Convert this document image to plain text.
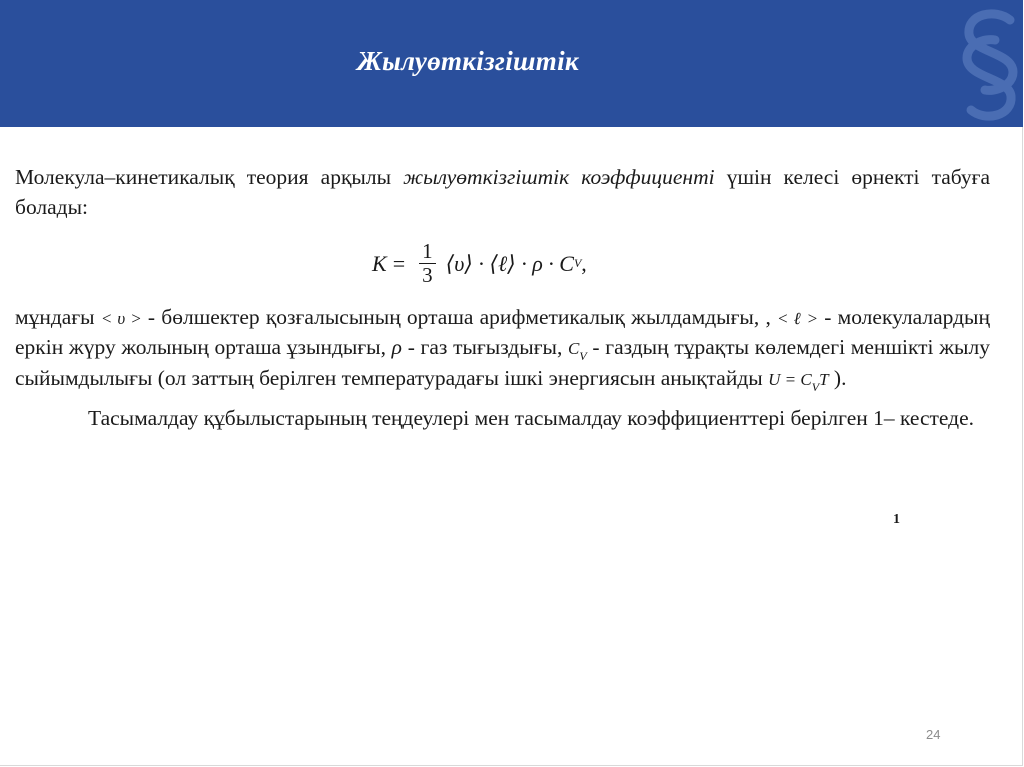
Жылуөткізгіштік

Молекула–кинетикалық теория арқылы жылуөткізгіштік коэффициенті үшін келесі өрнекті табуға болады:

$K = \frac{1}{3}$ ⟨υ⟩ · ⟨ℓ⟩ · ρ · C V ,

мұндағы < υ > - бөлшектер қозғалысының орташа арифметикалық жылдамдығы, , < ℓ > - молекулалардың еркін жүру жолының орташа ұзындығы, ρ - газ тығыздығы, $C_V$ - газдың тұрақты көлемдегі меншікті жылу сыйымдылығы (ол заттың берілген температурадағы ішкі энергиясын анықтайды $U = C_VT$ ).

Тасымалдау құбылыстарының теңдеулері мен тасымалдау коэффициенттері берілген 1– кестеде.

1
24
